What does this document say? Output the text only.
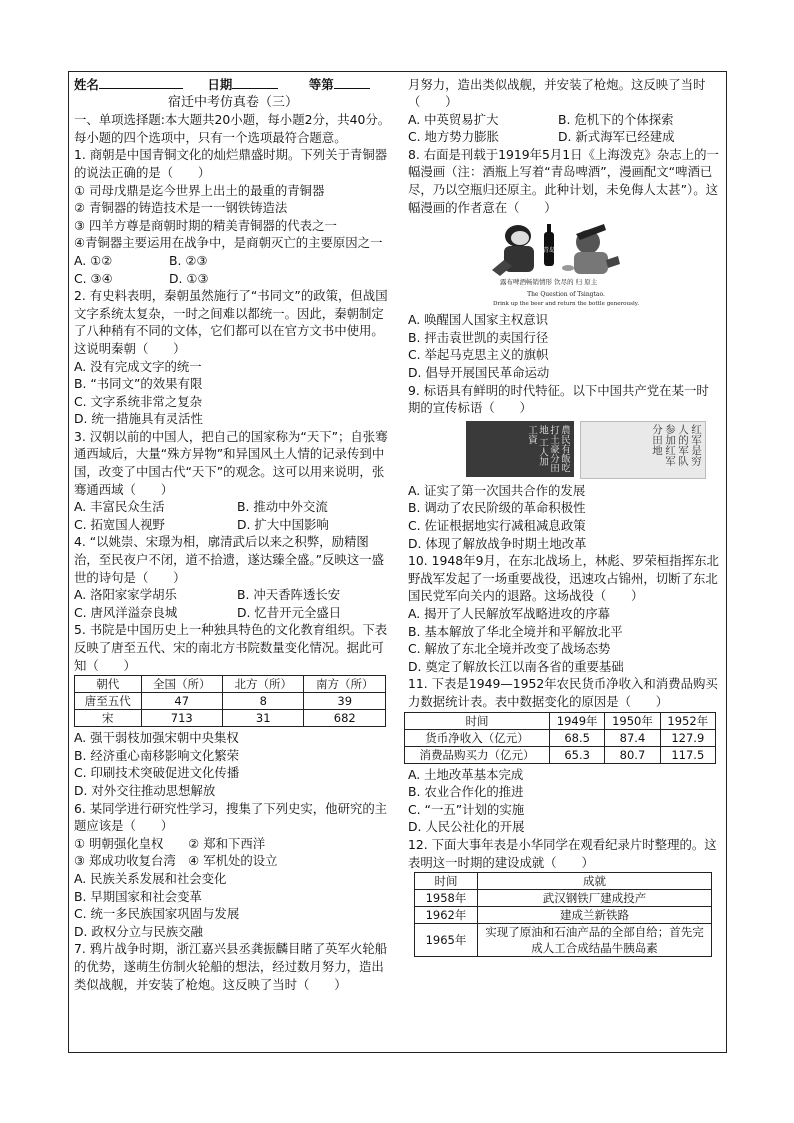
姓名	日期	等第
宿迁中考仿真卷（三）
一、单项选择题:本大题共20小题，每小题2分，共40分。每小题的四个选项中，只有一个选项最符合题意。
1. 商朝是中国青铜文化的灿烂鼎盛时期。下列关于青铜器的说法正确的是（　　）
① 司母戊鼎是迄今世界上出土的最重的青铜器
② 青铜器的铸造技术是一一钢铁铸造法
③ 四羊方尊是商朝时期的精美青铜器的代表之一
④青铜器主要运用在战争中，是商朝灭亡的主要原因之一
A. ①②	B. ②③
C. ③④	D. ①③
2. 有史料表明，秦朝虽然施行了“书同文”的政策，但战国文字系统太复杂，一时之间难以都统一。因此，秦朝制定了八种稍有不同的文体，它们都可以在官方文书中使用。这说明秦朝（　　）
A. 没有完成文字的统一
B. “书同文”的效果有限
C. 文字系统非常之复杂
D. 统一措施具有灵活性
3. 汉朝以前的中国人，把自己的国家称为“天下”；自张骞通西域后，大量“殊方异物”和异国风土人情的记录传到中国，改变了中国古代“天下”的观念。这可以用来说明，张骞通西域（　　）
A. 丰富民众生活	B. 推动中外交流
C. 拓宽国人视野	D. 扩大中国影响
4. “以姚崇、宋璟为相，廓清武后以来之积弊，励精图治，至民夜户不闭，道不拾遗，遂达臻全盛。”反映这一盛世的诗句是（　　）
A. 洛阳家家学胡乐	B. 冲天香阵透长安
C. 唐风洋溢奈良城	D. 忆昔开元全盛日
5. 书院是中国历史上一种独具特色的文化教育组织。下表反映了唐至五代、宋的南北方书院数量变化情况。据此可知（　　）
朝代	全国（所）	北方（所）	南方（所）
唐至五代	47	8	39
宋	713	31	682
A. 强干弱枝加强宋朝中央集权
B. 经济重心南移影响文化繁荣
C. 印刷技术突破促进文化传播
D. 对外交往推动思想解放
6. 某同学进行研究性学习，搜集了下列史实，他研究的主题应该是（　　）
① 明朝强化皇权　　② 郑和下西洋
③ 郑成功收复台湾　④ 军机处的设立
A. 民族关系发展和社会变化
B. 早期国家和社会变革
C. 统一多民族国家巩固与发展
D. 政权分立与民族交融
7. 鸦片战争时期，浙江嘉兴县丞龚振麟目睹了英军火轮船的优势，遂萌生仿制火轮船的想法，经过数月努力，造出类似战舰，并安装了枪炮。这反映了当时（　　）
月努力，造出类似战舰，并安装了枪炮。这反映了当时（　　）
A. 中英贸易扩大	B. 危机下的个体探索
C. 地方势力膨胀	D. 新式海军已经建成
8. 右面是刊载于1919年5月1日《上海泼克》杂志上的一幅漫画（注：酒瓶上写着“青岛啤酒”，漫画配文“啤酒已尽，乃以空瓶归还原主。此种计划，未免侮人太甚”）。这幅漫画的作者意在（　　）
青岛
露布啤酒畅销情形 饮尽的 归 原主
The Question of Tsingtao.
Drink up the beer and return the bottle generously.
A. 唤醒国人国家主权意识
B. 抨击袁世凯的卖国行径
C. 举起马克思主义的旗帜
D. 倡导开展国民革命运动
9. 标语具有鲜明的时代特征。以下中国共产党在某一时期的宣传标语（　　）
農民有飯吃 打土豪分田地 工人加工資	红军是穷人的军队 参加红军分田地
A. 证实了第一次国共合作的发展
B. 调动了农民阶级的革命积极性
C. 佐证根据地实行减租减息政策
D. 体现了解放战争时期土地改革
10. 1948年9月，在东北战场上，林彪、罗荣桓指挥东北野战军发起了一场重要战役，迅速攻占锦州，切断了东北国民党军向关内的退路。这场战役（　　）
A. 揭开了人民解放军战略进攻的序幕
B. 基本解放了华北全境并和平解放北平
C. 解放了东北全境并改变了战场态势
D. 奠定了解放长江以南各省的重要基础
11. 下表是1949—1952年农民货币净收入和消费品购买力数据统计表。表中数据变化的原因是（　　）
时间	1949年	1950年	1952年
货币净收入（亿元）	68.5	87.4	127.9
消费品购买力（亿元）	65.3	80.7	117.5
A. 土地改革基本完成
B. 农业合作化的推进
C. “一五”计划的实施
D. 人民公社化的开展
12. 下面大事年表是小华同学在观看纪录片时整理的。这表明这一时期的建设成就（　　）
时间	成就
1958年	武汉钢铁厂建成投产
1962年	建成兰新铁路
1965年	实现了原油和石油产品的全部自给；首先完成人工合成结晶牛胰岛素
